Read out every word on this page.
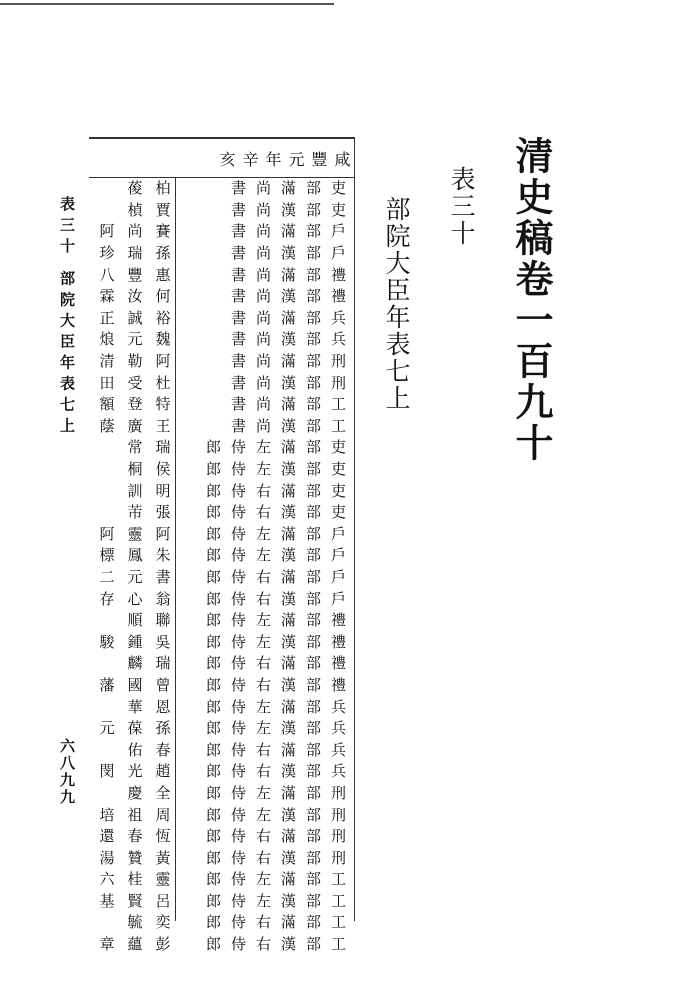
清史稿卷一百九十
表三十
部院大臣年表七上
表三十 部院大臣年表七上
六八九九
咸
豐
元
年
辛
亥
吏
部
滿
尚
書
柏
葰
吏
部
漢
尚
書
賈
楨
戶
部
滿
尚
書
賽
尚
阿
戶
部
漢
尚
書
孫
瑞
珍
禮
部
滿
尚
書
惠
豐
八
禮
部
漢
尚
書
何
汝
霖
兵
部
滿
尚
書
裕
誠
正
兵
部
漢
尚
書
魏
元
烺
刑
部
滿
尚
書
阿
勒
清
刑
部
漢
尚
書
杜
受
田
工
部
滿
尚
書
特
登
額
工
部
漢
尚
書
王
廣
蔭
吏
部
滿
左
侍
郎
瑞
常
吏
部
漢
左
侍
郎
侯
桐
吏
部
滿
右
侍
郎
明
訓
吏
部
漢
右
侍
郎
張
芾
戶
部
滿
左
侍
郎
阿
靈
阿
戶
部
漢
左
侍
郎
朱
鳳
標
戶
部
滿
右
侍
郎
書
元
二
戶
部
漢
右
侍
郎
翁
心
存
禮
部
滿
左
侍
郎
聯
順
禮
部
漢
左
侍
郎
吳
鍾
駿
禮
部
滿
右
侍
郎
瑞
麟
禮
部
漢
右
侍
郎
曾
國
藩
兵
部
滿
左
侍
郎
恩
華
兵
部
漢
左
侍
郎
孫
葆
元
兵
部
滿
右
侍
郎
春
佑
兵
部
漢
右
侍
郎
趙
光
閔
刑
部
滿
左
侍
郎
全
慶
刑
部
漢
左
侍
郎
周
祖
培
刑
部
滿
右
侍
郎
恆
春
還
刑
部
漢
右
侍
郎
黃
贊
湯
工
部
滿
左
侍
郎
靈
桂
六
工
部
漢
左
侍
郎
呂
賢
基
工
部
滿
右
侍
郎
奕
毓
工
部
漢
右
侍
郎
彭
蘊
章
